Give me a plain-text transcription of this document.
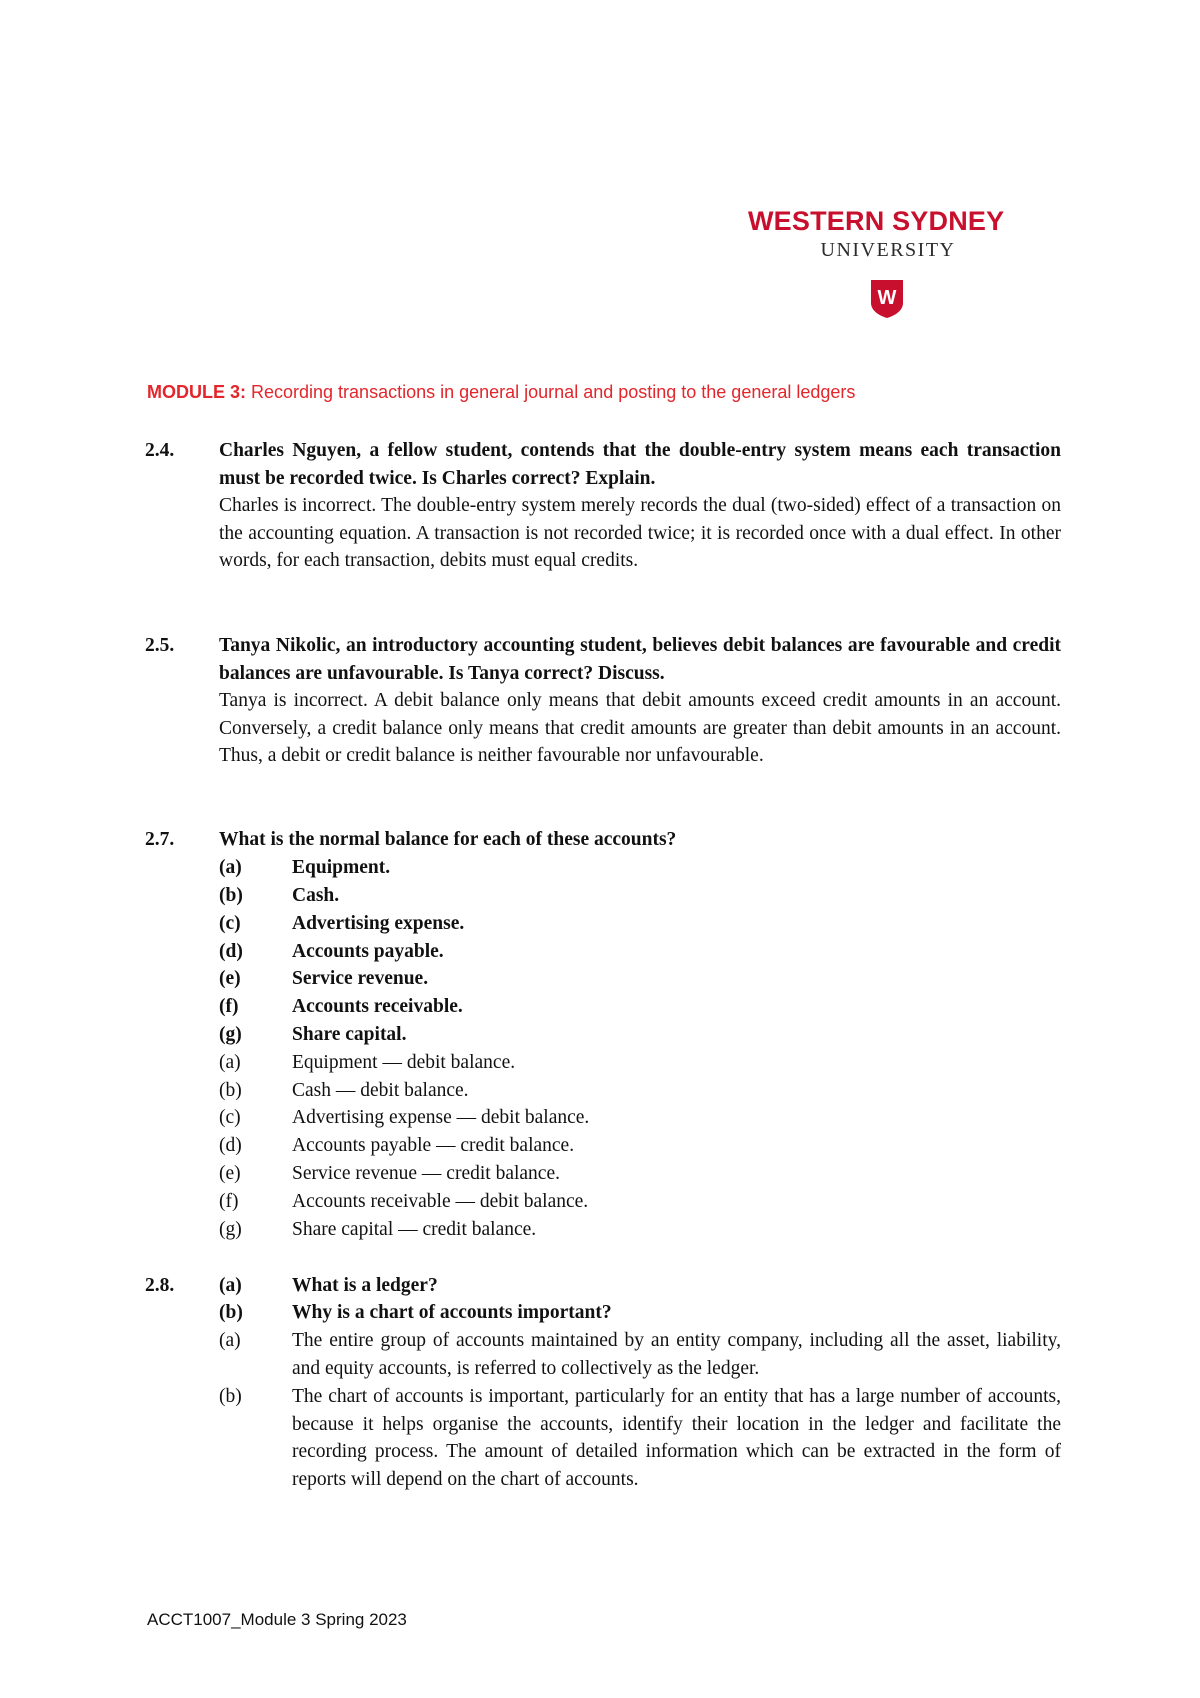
WESTERN SYDNEY
UNIVERSITY
W
MODULE 3: Recording transactions in general journal and posting to the general ledgers
2.4. Charles Nguyen, a fellow student, contends that the double-entry system means each transaction must be recorded twice. Is Charles correct? Explain.
Charles is incorrect. The double-entry system merely records the dual (two-sided) effect of a transaction on the accounting equation. A transaction is not recorded twice; it is recorded once with a dual effect. In other words, for each transaction, debits must equal credits.
2.5. Tanya Nikolic, an introductory accounting student, believes debit balances are favourable and credit balances are unfavourable. Is Tanya correct? Discuss.
Tanya is incorrect. A debit balance only means that debit amounts exceed credit amounts in an account. Conversely, a credit balance only means that credit amounts are greater than debit amounts in an account. Thus, a debit or credit balance is neither favourable nor unfavourable.
2.7. What is the normal balance for each of these accounts?
(a)	Equipment.
(b)	Cash.
(c)	Advertising expense.
(d)	Accounts payable.
(e)	Service revenue.
(f)	Accounts receivable.
(g)	Share capital.
(a)	Equipment — debit balance.
(b)	Cash — debit balance.
(c)	Advertising expense — debit balance.
(d)	Accounts payable — credit balance.
(e)	Service revenue — credit balance.
(f)	Accounts receivable — debit balance.
(g)	Share capital — credit balance.
2.8. (a)	What is a ledger?
(b)	Why is a chart of accounts important?
(a)	The entire group of accounts maintained by an entity company, including all the asset, liability, and equity accounts, is referred to collectively as the ledger.
(b)	The chart of accounts is important, particularly for an entity that has a large number of accounts, because it helps organise the accounts, identify their location in the ledger and facilitate the recording process. The amount of detailed information which can be extracted in the form of reports will depend on the chart of accounts.
ACCT1007_Module 3 Spring 2023
